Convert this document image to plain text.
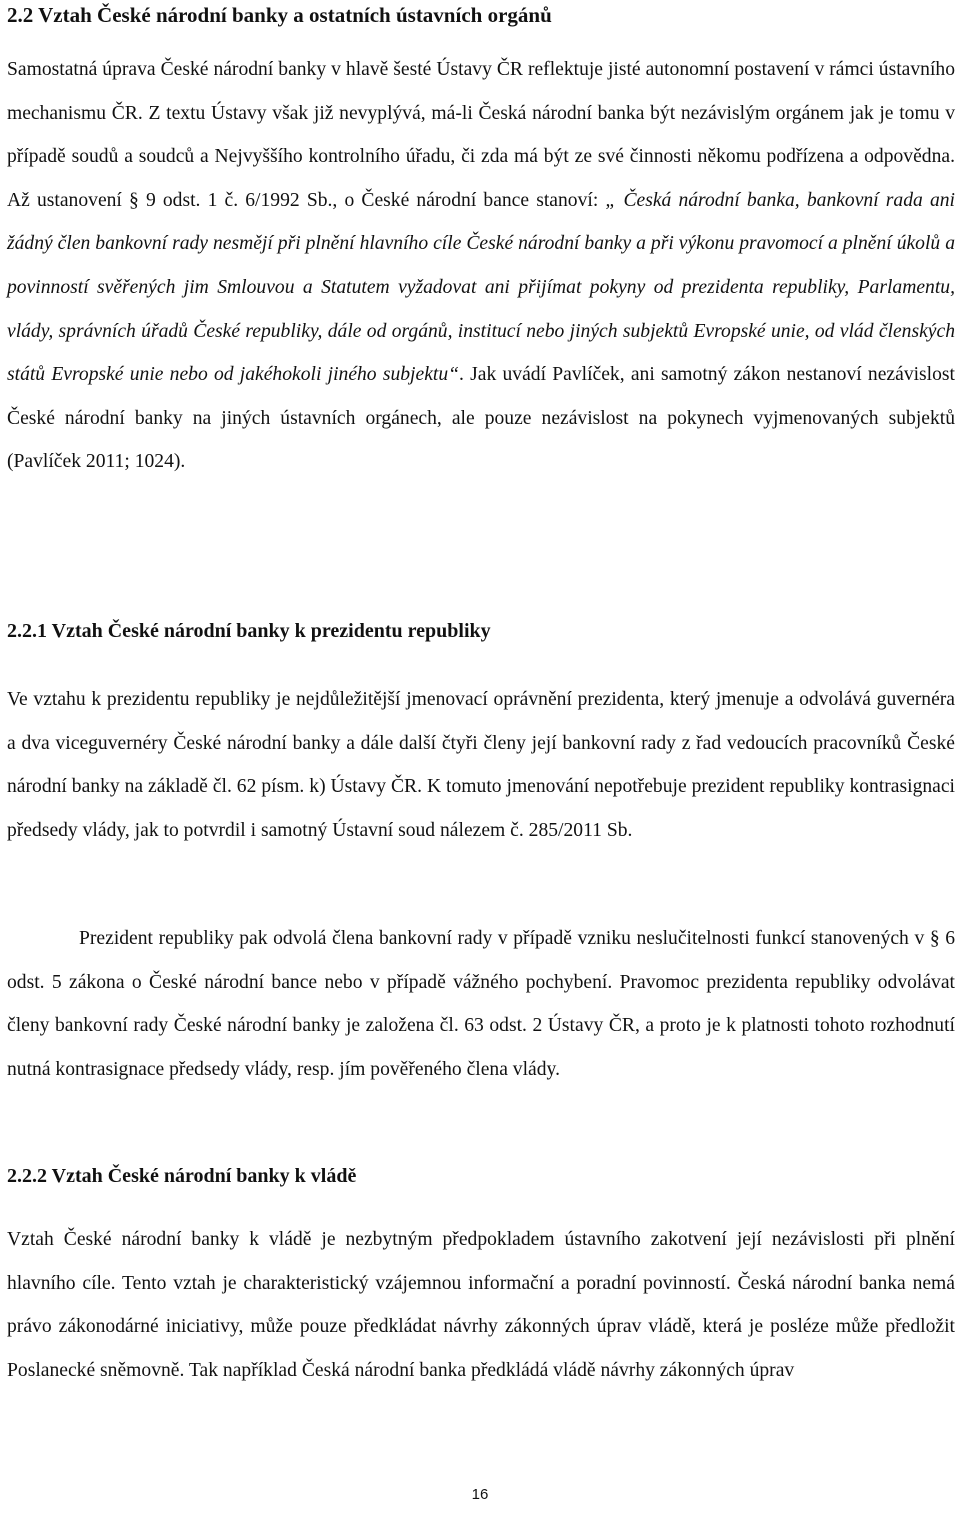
2.2 Vztah České národní banky a ostatních ústavních orgánů

Samostatná úprava České národní banky v hlavě šesté Ústavy ČR reflektuje jisté autonomní postavení v rámci ústavního mechanismu ČR. Z textu Ústavy však již nevyplývá, má-li Česká národní banka být nezávislým orgánem jak je tomu v případě soudů a soudců a Nejvyššího kontrolního úřadu, či zda má být ze své činnosti někomu podřízena a odpovědna. Až ustanovení § 9 odst. 1 č. 6/1992 Sb., o České národní bance stanoví: „ Česká národní banka, bankovní rada ani žádný člen bankovní rady nesmějí při plnění hlavního cíle České národní banky a při výkonu pravomocí a plnění úkolů a povinností svěřených jim Smlouvou a Statutem vyžadovat ani přijímat pokyny od prezidenta republiky, Parlamentu, vlády, správních úřadů České republiky, dále od orgánů, institucí nebo jiných subjektů Evropské unie, od vlád členských států Evropské unie nebo od jakéhokoli jiného subjektu“. Jak uvádí Pavlíček, ani samotný zákon nestanoví nezávislost České národní banky na jiných ústavních orgánech, ale pouze nezávislost na pokynech vyjmenovaných subjektů (Pavlíček 2011; 1024).

2.2.1 Vztah České národní banky k prezidentu republiky

Ve vztahu k prezidentu republiky je nejdůležitější jmenovací oprávnění prezidenta, který jmenuje a odvolává guvernéra a dva viceguvernéry České národní banky a dále další čtyři členy její bankovní rady z řad vedoucích pracovníků České národní banky na základě čl. 62 písm. k) Ústavy ČR. K tomuto jmenování nepotřebuje prezident republiky kontrasignaci předsedy vlády, jak to potvrdil i samotný Ústavní soud nálezem č. 285/2011 Sb.

Prezident republiky pak odvolá člena bankovní rady v případě vzniku neslučitelnosti funkcí stanovených v § 6 odst. 5 zákona o České národní bance nebo v případě vážného pochybení. Pravomoc prezidenta republiky odvolávat členy bankovní rady České národní banky je založena čl. 63 odst. 2 Ústavy ČR, a proto je k platnosti tohoto rozhodnutí nutná kontrasignace předsedy vlády, resp. jím pověřeného člena vlády.

2.2.2 Vztah České národní banky k vládě

Vztah České národní banky k vládě je nezbytným předpokladem ústavního zakotvení její nezávislosti při plnění hlavního cíle. Tento vztah je charakteristický vzájemnou informační a poradní povinností. Česká národní banka nemá právo zákonodárné iniciativy, může pouze předkládat návrhy zákonných úprav vládě, která je posléze může předložit Poslanecké sněmovně. Tak například Česká národní banka předkládá vládě návrhy zákonných úprav

16
